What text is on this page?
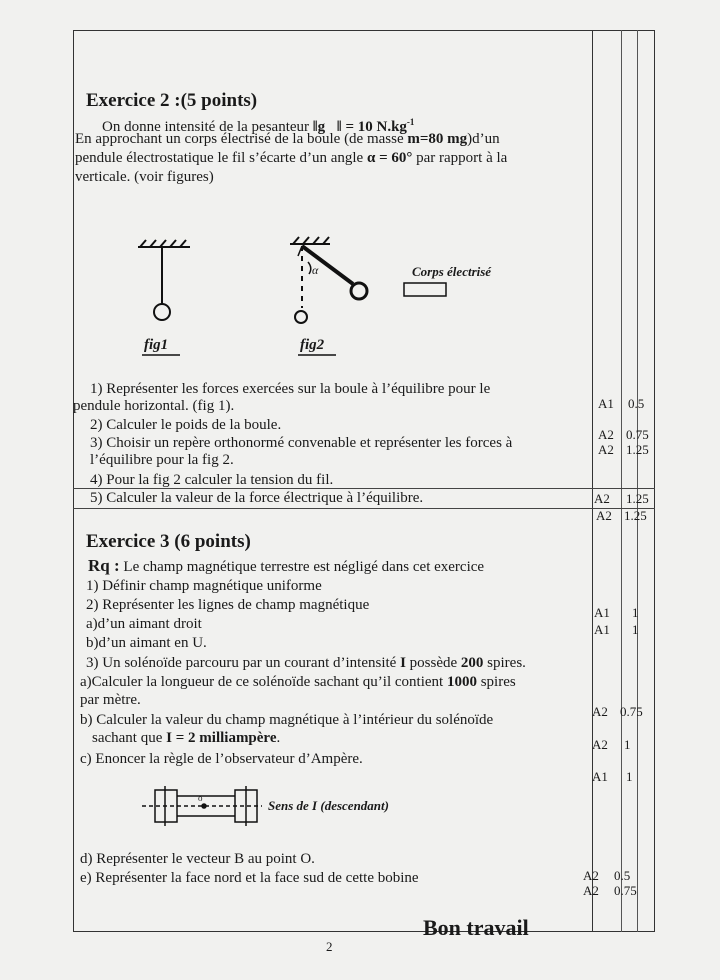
Exercice 2 :(5 points)
On donne intensité de la pesanteur ‖g⃗‖ = 10 $N.kg^{-1}$
En approchant un corps électrisé de la boule (de masse m=80 mg)d’un
pendule électrostatique le fil s’écarte d’un angle α = 60° par rapport à la
verticale. (voir figures)
α	Corps électrisé
fig1	fig2
1) Représenter les forces exercées sur la boule à l’équilibre pour le
pendule horizontal. (fig 1).
2) Calculer le poids de la boule.
3) Choisir un repère orthonormé convenable et représenter les forces à
l’équilibre pour la fig 2.
4) Pour la fig 2 calculer la tension du fil.
5) Calculer la valeur de la force électrique à l’équilibre.
Exercice 3 (6 points)
Rq : Le champ magnétique terrestre est négligé dans cet exercice
1) Définir champ magnétique uniforme
2) Représenter les lignes de champ magnétique
a)d’un aimant droit
b)d’un aimant en U.
3) Un solénoïde parcouru par un courant d’intensité I possède 200 spires.
a)Calculer la longueur de ce solénoïde sachant qu’il contient 1000 spires
par mètre.
b) Calculer la valeur du champ magnétique à l’intérieur du solénoïde
sachant que I = 2 milliampère.
c) Enoncer la règle de l’observateur d’Ampère.
o	Sens de I (descendant)
d) Représenter le vecteur B au point O.
e) Représenter la face nord et la face sud de cette bobine
A1 0.5
A2 0.75
A2 1.25
A2 1.25
A2 1.25
A1 1
A1 1
A2 0.75
A2 1
A1 1
A2 0.5
A2 0.75
Bon travail
2
